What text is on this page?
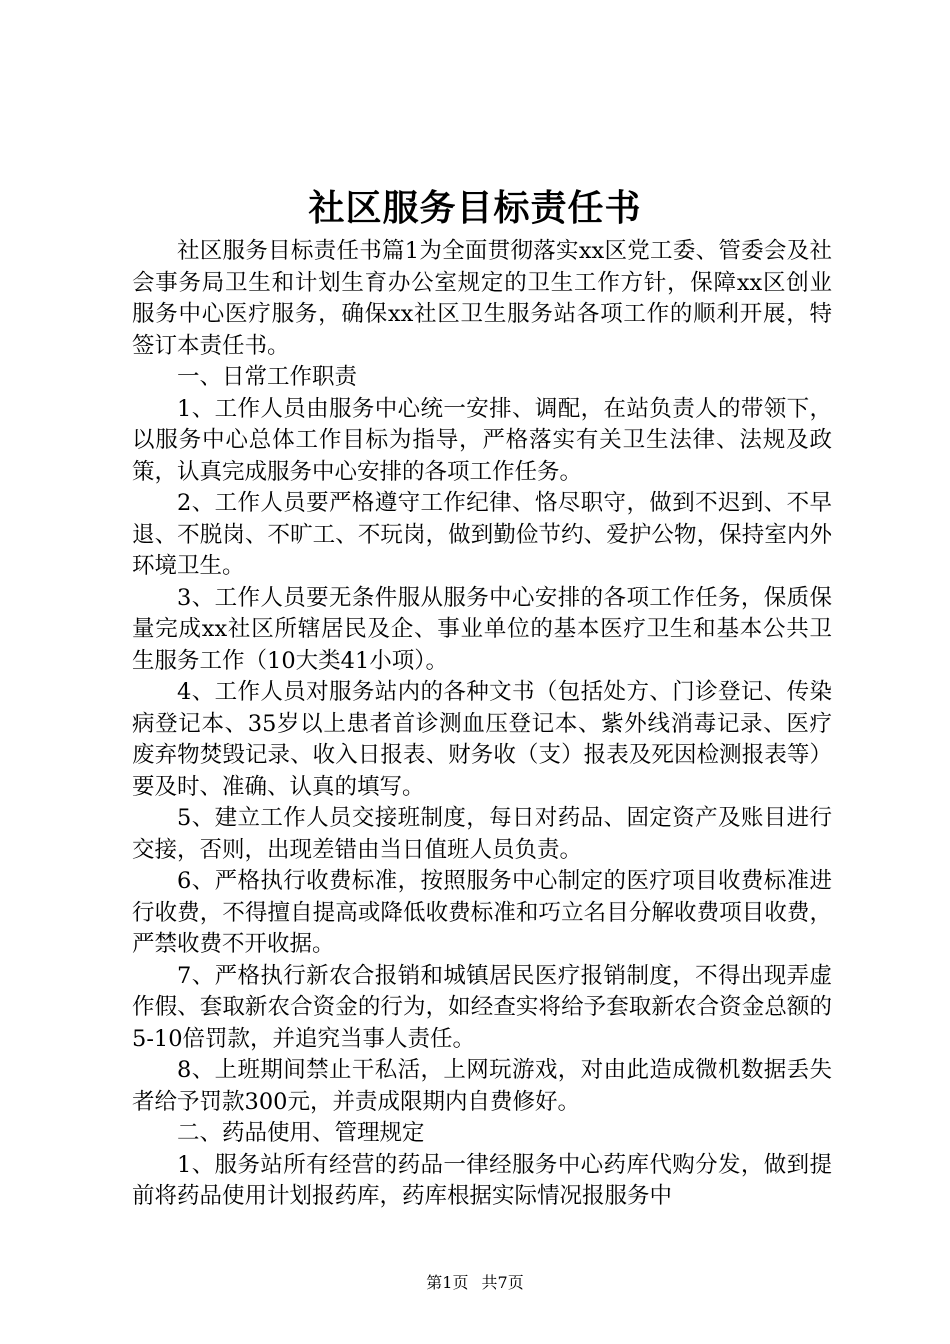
社区服务目标责任书

社区服务目标责任书篇1为全面贯彻落实xx区党工委、管委会及社会事务局卫生和计划生育办公室规定的卫生工作方针，保障xx区创业服务中心医疗服务，确保xx社区卫生服务站各项工作的顺利开展，特签订本责任书。

一、日常工作职责

1、工作人员由服务中心统一安排、调配，在站负责人的带领下，以服务中心总体工作目标为指导，严格落实有关卫生法律、法规及政策，认真完成服务中心安排的各项工作任务。

2、工作人员要严格遵守工作纪律、恪尽职守，做到不迟到、不早退、不脱岗、不旷工、不玩岗，做到勤俭节约、爱护公物，保持室内外环境卫生。

3、工作人员要无条件服从服务中心安排的各项工作任务，保质保量完成xx社区所辖居民及企、事业单位的基本医疗卫生和基本公共卫生服务工作（10大类41小项）。

4、工作人员对服务站内的各种文书（包括处方、门诊登记、传染病登记本、35岁以上患者首诊测血压登记本、紫外线消毒记录、医疗废弃物焚毁记录、收入日报表、财务收（支）报表及死因检测报表等）要及时、准确、认真的填写。

5、建立工作人员交接班制度，每日对药品、固定资产及账目进行交接，否则，出现差错由当日值班人员负责。

6、严格执行收费标准，按照服务中心制定的医疗项目收费标准进行收费，不得擅自提高或降低收费标准和巧立名目分解收费项目收费，严禁收费不开收据。

7、严格执行新农合报销和城镇居民医疗报销制度，不得出现弄虚作假、套取新农合资金的行为，如经查实将给予套取新农合资金总额的5-10倍罚款，并追究当事人责任。

8、上班期间禁止干私活，上网玩游戏，对由此造成微机数据丢失者给予罚款300元，并责成限期内自费修好。

二、药品使用、管理规定

1、服务站所有经营的药品一律经服务中心药库代购分发，做到提前将药品使用计划报药库，药库根据实际情况报服务中

第1页 共7页
